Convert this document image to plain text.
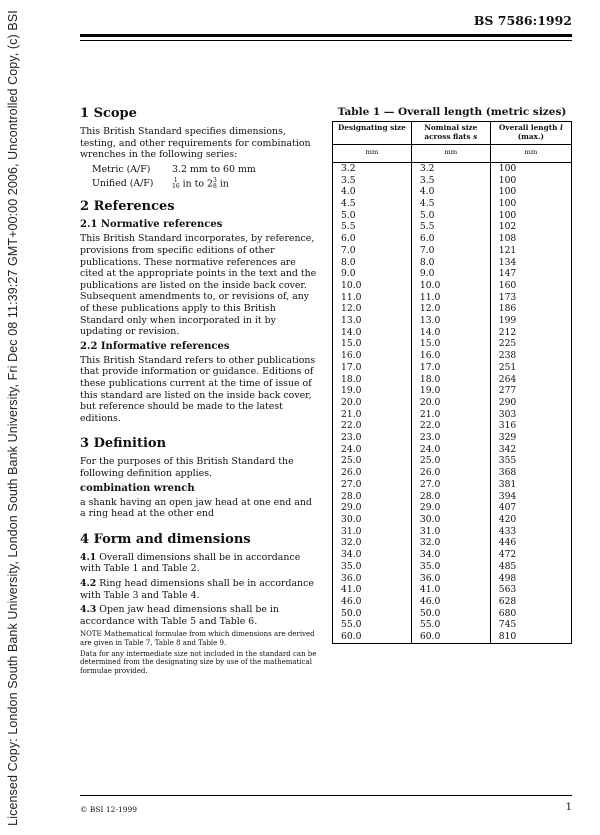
Licensed Copy: London South Bank University, London South Bank University, Fri Dec 08 11:39:27 GMT+00:00 2006, Uncontrolled Copy, (c) BSI	BS 7586:1992
1 Scope

This British Standard specifies dimensions, testing, and other requirements for combination wrenches in the following series:

Metric (A/F)	3.2 mm to 60 mm
Unified (A/F)	1
16 in to 2 3
8 in
2 References
2.1 Normative references

This British Standard incorporates, by reference, provisions from specific editions of other publications. These normative references are cited at the appropriate points in the text and the publications are listed on the inside back cover. Subsequent amendments to, or revisions of, any of these publications apply to this British Standard only when incorporated in it by updating or revision.

2.2 Informative references

This British Standard refers to other publications that provide information or guidance. Editions of these publications current at the time of issue of this standard are listed on the inside back cover, but reference should be made to the latest editions.

3 Definition

For the purposes of this British Standard the following definition applies.

combination wrench

a shank having an open jaw head at one end and a ring head at the other end

4 Form and dimensions

4.1 Overall dimensions shall be in accordance with Table 1 and Table 2.

4.2 Ring head dimensions shall be in accordance with Table 3 and Table 4.

4.3 Open jaw head dimensions shall be in accordance with Table 5 and Table 6.

NOTE Mathematical formulae from which dimensions are derived are given in Table 7, Table 8 and Table 9.

Data for any intermediate size not included in the standard can be determined from the designating size by use of the mathematical formulae provided.

Table 1 — Overall length (metric sizes)
Designating size	Nominal size across flats s	Overall length l
(max.)
mm	mm	mm
3.2	3.2	100
3.5	3.5	100
4.0	4.0	100
4.5	4.5	100
5.0	5.0	100
5.5	5.5	102
6.0	6.0	108
7.0	7.0	121
8.0	8.0	134
9.0	9.0	147
10.0	10.0	160
11.0	11.0	173
12.0	12.0	186
13.0	13.0	199
14.0	14.0	212
15.0	15.0	225
16.0	16.0	238
17.0	17.0	251
18.0	18.0	264
19.0	19.0	277
20.0	20.0	290
21.0	21.0	303
22.0	22.0	316
23.0	23.0	329
24.0	24.0	342
25.0	25.0	355
26.0	26.0	368
27.0	27.0	381
28.0	28.0	394
29.0	29.0	407
30.0	30.0	420
31.0	31.0	433
32.0	32.0	446
34.0	34.0	472
35.0	35.0	485
36.0	36.0	498
41.0	41.0	563
46.0	46.0	628
50.0	50.0	680
55.0	55.0	745
60.0	60.0	810
© BSI 12-1999	1
